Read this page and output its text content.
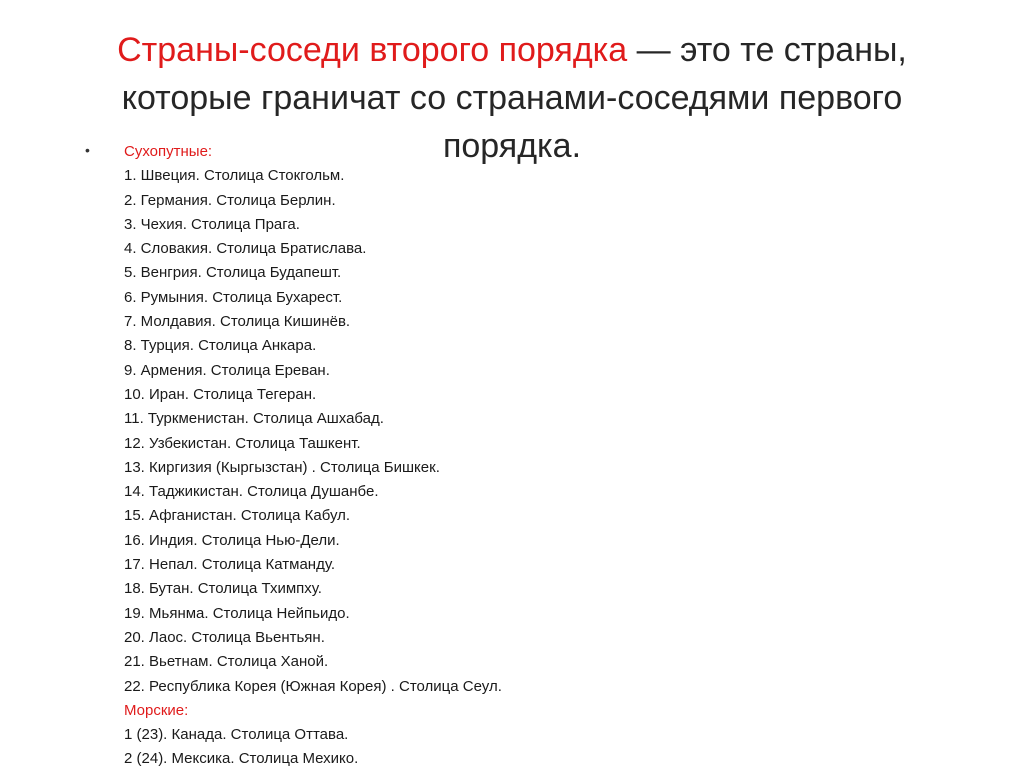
Страны-соседи второго порядка — это те страны, которые граничат со странами-соседями первого порядка.
• Сухопутные:
1. Швеция. Столица Стокгольм.
2. Германия. Столица Берлин.
3. Чехия. Столица Прага.
4. Словакия. Столица Братислава.
5. Венгрия. Столица Будапешт.
6. Румыния. Столица Бухарест.
7. Молдавия. Столица Кишинёв.
8. Турция. Столица Анкара.
9. Армения. Столица Ереван.
10. Иран. Столица Тегеран.
11. Туркменистан. Столица Ашхабад.
12. Узбекистан. Столица Ташкент.
13. Киргизия (Кыргызстан) . Столица Бишкек.
14. Таджикистан. Столица Душанбе.
15. Афганистан. Столица Кабул.
16. Индия. Столица Нью-Дели.
17. Непал. Столица Катманду.
18. Бутан. Столица Тхимпху.
19. Мьянма. Столица Нейпьидо.
20. Лаос. Столица Вьентьян.
21. Вьетнам. Столица Ханой.
22. Республика Корея (Южная Корея) . Столица Сеул.
Морские:
1 (23). Канада. Столица Оттава.
2 (24). Мексика. Столица Мехико.
